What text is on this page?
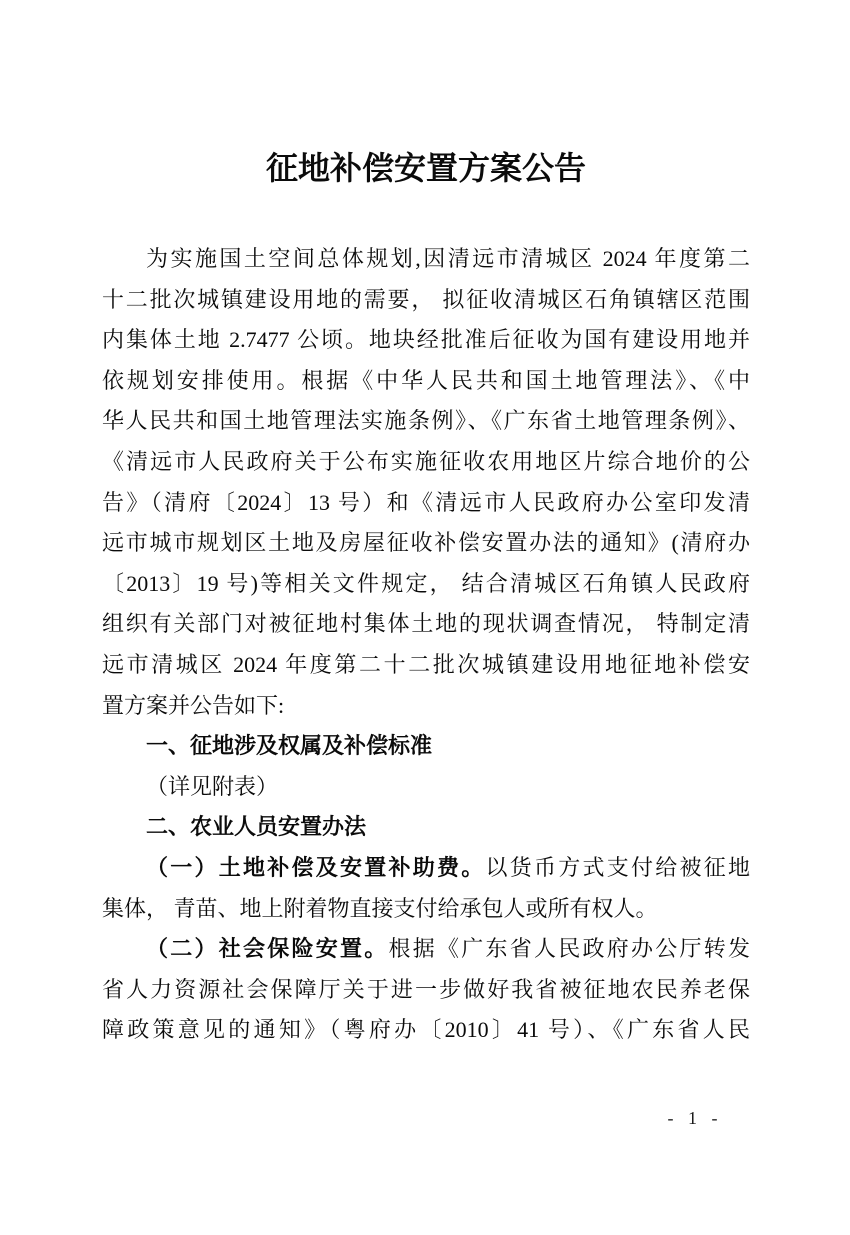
征地补偿安置方案公告
为实施国土空间总体规划,因清远市清城区 2024 年度第二
十二批次城镇建设用地的需要， 拟征收清城区石角镇辖区范围
内集体土地 2.7477 公顷。地块经批准后征收为国有建设用地并
依规划安排使用。根据《中华人民共和国土地管理法》、《中
华人民共和国土地管理法实施条例》、《广东省土地管理条例》、
《清远市人民政府关于公布实施征收农用地区片综合地价的公
告》（清府〔2024〕13 号）和《清远市人民政府办公室印发清
远市城市规划区土地及房屋征收补偿安置办法的通知》(清府办
〔2013〕19 号)等相关文件规定， 结合清城区石角镇人民政府
组织有关部门对被征地村集体土地的现状调查情况， 特制定清
远市清城区 2024 年度第二十二批次城镇建设用地征地补偿安
置方案并公告如下:
一、征地涉及权属及补偿标准
（详见附表）
二、农业人员安置办法
（一）土地补偿及安置补助费。以货币方式支付给被征地
集体， 青苗、地上附着物直接支付给承包人或所有权人。
（二）社会保险安置。根据《广东省人民政府办公厅转发
省人力资源社会保障厅关于进一步做好我省被征地农民养老保
障政策意见的通知》（粤府办〔2010〕41 号）、《广东省人民
- 1 -
